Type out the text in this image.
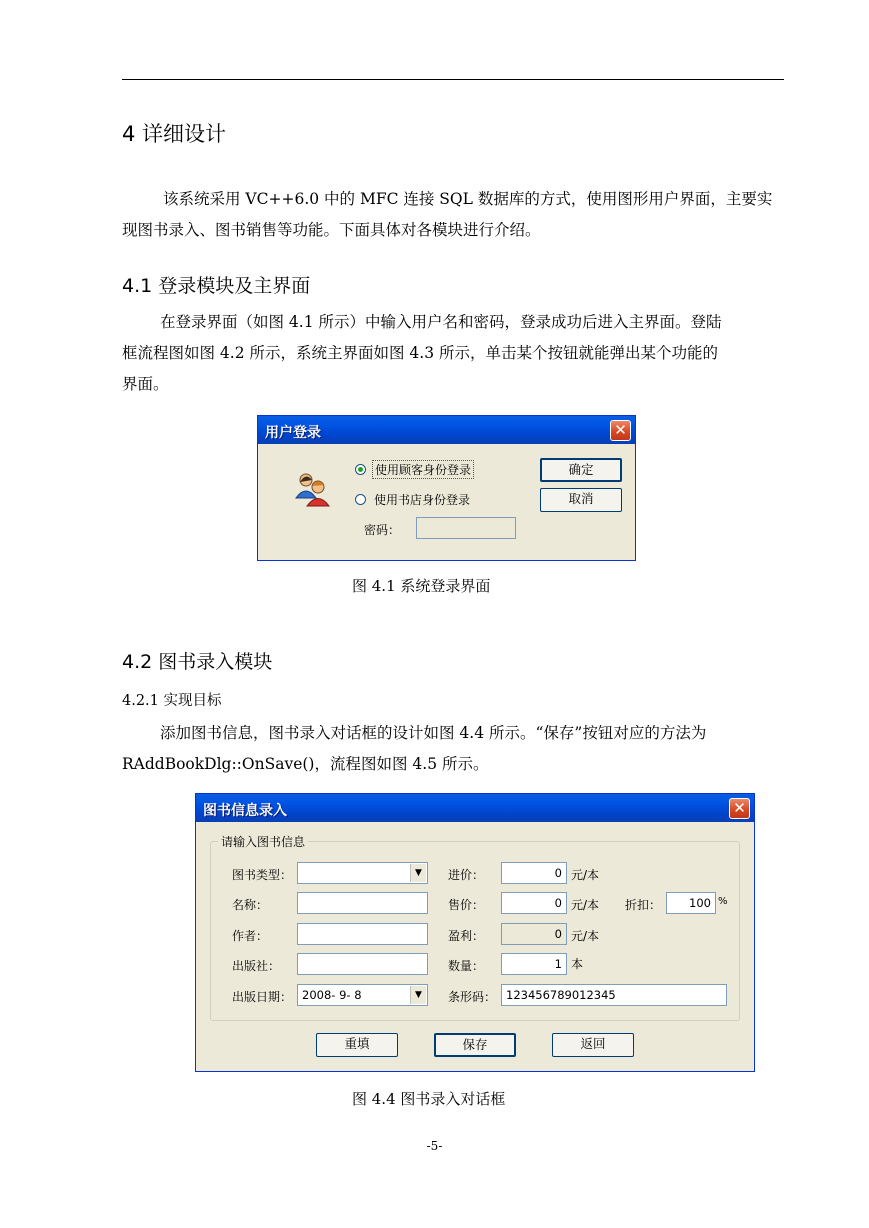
4 详细设计
该系统采用 VC++6.0 中的 MFC 连接 SQL 数据库的方式，使用图形用户界面，主要实
现图书录入、图书销售等功能。下面具体对各模块进行介绍。
4.1 登录模块及主界面
在登录界面（如图 4.1 所示）中输入用户名和密码，登录成功后进入主界面。登陆
框流程图如图 4.2 所示，系统主界面如图 4.3 所示，单击某个按钮就能弹出某个功能的
界面。
用户登录	✕
使用顾客身份登录
使用书店身份登录
密码：
确定
取消
图 4.1 系统登录界面
4.2 图书录入模块
4.2.1 实现目标
添加图书信息，图书录入对话框的设计如图 4.4 所示。“保存”按钮对应的方法为
RAddBookDlg::OnSave()，流程图如图 4.5 所示。
图书信息录入	✕
请输入图书信息
图书类型：	▼
名称：
作者：
出版社：
出版日期： 2008- 9- 8	▼
进价：	0 元/本
售价：	0 元/本 折扣：	100 %
盈利：	0 元/本
数量：	1 本
条形码： 123456789012345
重填	保存	返回
图 4.4 图书录入对话框
-5-
